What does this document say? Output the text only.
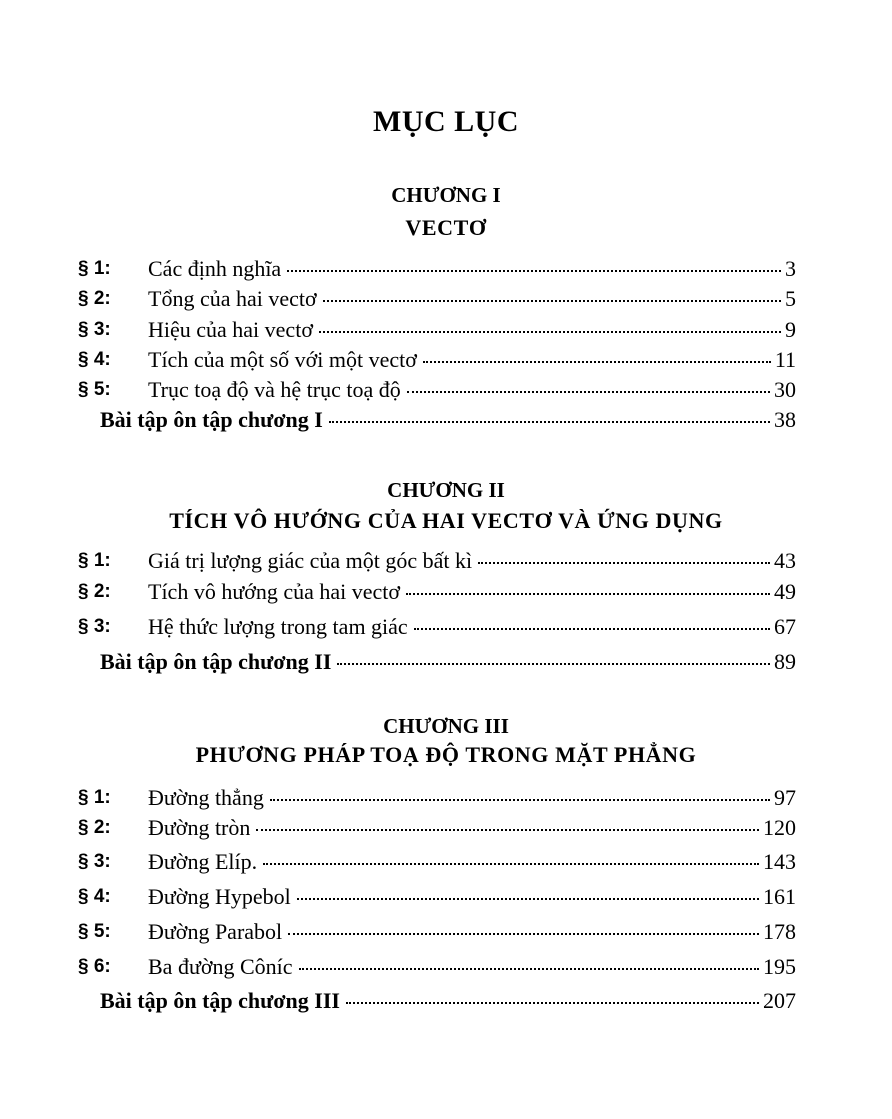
MỤC LỤC
CHƯƠNG I
VECTƠ
§ 1: Các định nghĩa	3
§ 2: Tổng của hai vectơ	5
§ 3: Hiệu của hai vectơ	9
§ 4: Tích của một số với một vectơ	11
§ 5: Trục toạ độ và hệ trục toạ độ	30
Bài tập ôn tập chương I	38
CHƯƠNG II
TÍCH VÔ HƯỚNG CỦA HAI VECTƠ VÀ ỨNG DỤNG
§ 1: Giá trị lượng giác của một góc bất kì	43
§ 2: Tích vô hướng của hai vectơ	49
§ 3: Hệ thức lượng trong tam giác	67
Bài tập ôn tập chương II	89
CHƯƠNG III
PHƯƠNG PHÁP TOẠ ĐỘ TRONG MẶT PHẲNG
§ 1: Đường thẳng	97
§ 2: Đường tròn	120
§ 3: Đường Elíp.	143
§ 4: Đường Hypebol	161
§ 5: Đường Parabol	178
§ 6: Ba đường Côníc	195
Bài tập ôn tập chương III	207
